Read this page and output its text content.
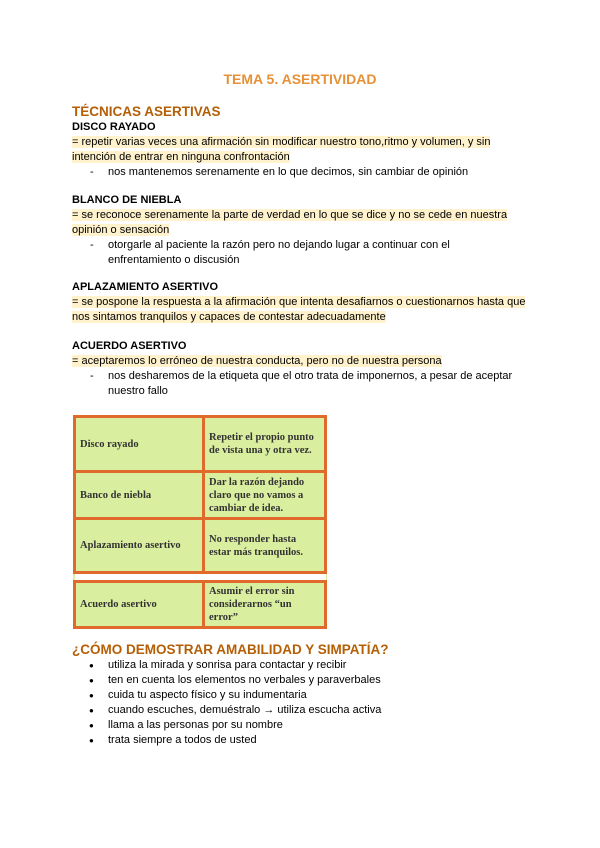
TEMA 5. ASERTIVIDAD
TÉCNICAS ASERTIVAS
DISCO RAYADO
= repetir varias veces una afirmación sin modificar nuestro tono,ritmo y volumen, y sin intención de entrar en ninguna confrontación
- nos mantenemos serenamente en lo que decimos, sin cambiar de opinión
BLANCO DE NIEBLA
= se reconoce serenamente la parte de verdad en lo que se dice y no se cede en nuestra opinión o sensación
- otorgarle al paciente la razón pero no dejando lugar a continuar con el enfrentamiento o discusión
APLAZAMIENTO ASERTIVO
= se pospone la respuesta a la afirmación que intenta desafiarnos o cuestionarnos hasta que nos sintamos tranquilos y capaces de contestar adecuadamente
ACUERDO ASERTIVO
= aceptaremos lo erróneo de nuestra conducta, pero no de nuestra persona
- nos desharemos de la etiqueta que el otro trata de imponernos, a pesar de aceptar nuestro fallo
Disco rayado	Repetir el propio punto de vista una y otra vez.
Banco de niebla	Dar la razón dejando claro que no vamos a cambiar de idea.
Aplazamiento asertivo	No responder hasta estar más tranquilos.

Acuerdo asertivo	Asumir el error sin considerarnos “un error”
¿CÓMO DEMOSTRAR AMABILIDAD Y SIMPATÍA?
● utiliza la mirada y sonrisa para contactar y recibir
● ten en cuenta los elementos no verbales y paraverbales
● cuida tu aspecto físico y su indumentaria
● cuando escuches, demuéstralo → utiliza escucha activa
● llama a las personas por su nombre
● trata siempre a todos de usted
